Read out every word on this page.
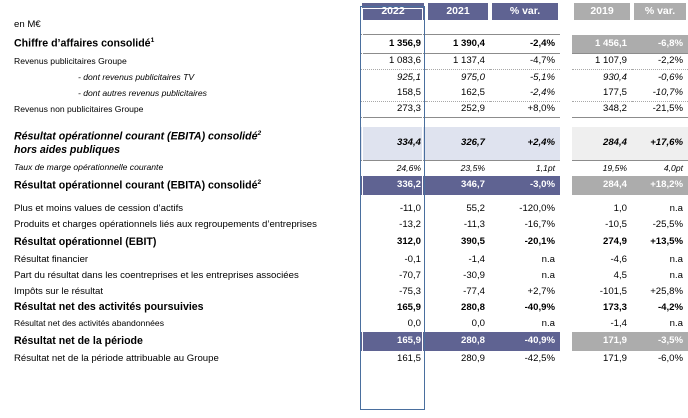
en M€

	2022	2021	% var.		2019	% var.

Chiffre d’affaires consolidé$^1$	1 356,9	1 390,4	-2,4%		1 456,1	-6,8%
Revenus publicitaires Groupe	1 083,6	1 137,4	-4,7%		1 107,9	-2,2%
- dont revenus publicitaires TV	925,1	975,0	-5,1%		930,4	-0,6%
- dont autres revenus publicitaires	158,5	162,5	-2,4%		177,5	-10,7%
Revenus non publicitaires Groupe	273,3	252,9	+8,0%		348,2	-21,5%

Résultat opérationnel courant (EBITA) consolidé$^2$
hors aides publiques	334,4	326,7	+2,4%		284,4	+17,6%
Taux de marge opérationnelle courante	24,6%	23,5%	1,1pt		19,5%	4,0pt
Résultat opérationnel courant (EBITA) consolidé$^2$	336,2	346,7	-3,0%		284,4	+18,2%

Plus et moins values de cession d’actifs	-11,0	55,2	-120,0%		1,0	n.a
Produits et charges opérationnels liés aux regroupements d’entreprises	-13,2	-11,3	-16,7%		-10,5	-25,5%
Résultat opérationnel (EBIT)	312,0	390,5	-20,1%		274,9	+13,5%
Résultat financier	-0,1	-1,4	n.a		-4,6	n.a
Part du résultat dans les coentreprises et les entreprises associées	-70,7	-30,9	n.a		4,5	n.a
Impôts sur le résultat	-75,3	-77,4	+2,7%		-101,5	+25,8%
Résultat net des activités poursuivies	165,9	280,8	-40,9%		173,3	-4,2%
Résultat net des activités abandonnées	0,0	0,0	n.a		-1,4	n.a
Résultat net de la période	165,9	280,8	-40,9%		171,9	-3,5%
Résultat net de la période attribuable au Groupe	161,5	280,9	-42,5%		171,9	-6,0%
